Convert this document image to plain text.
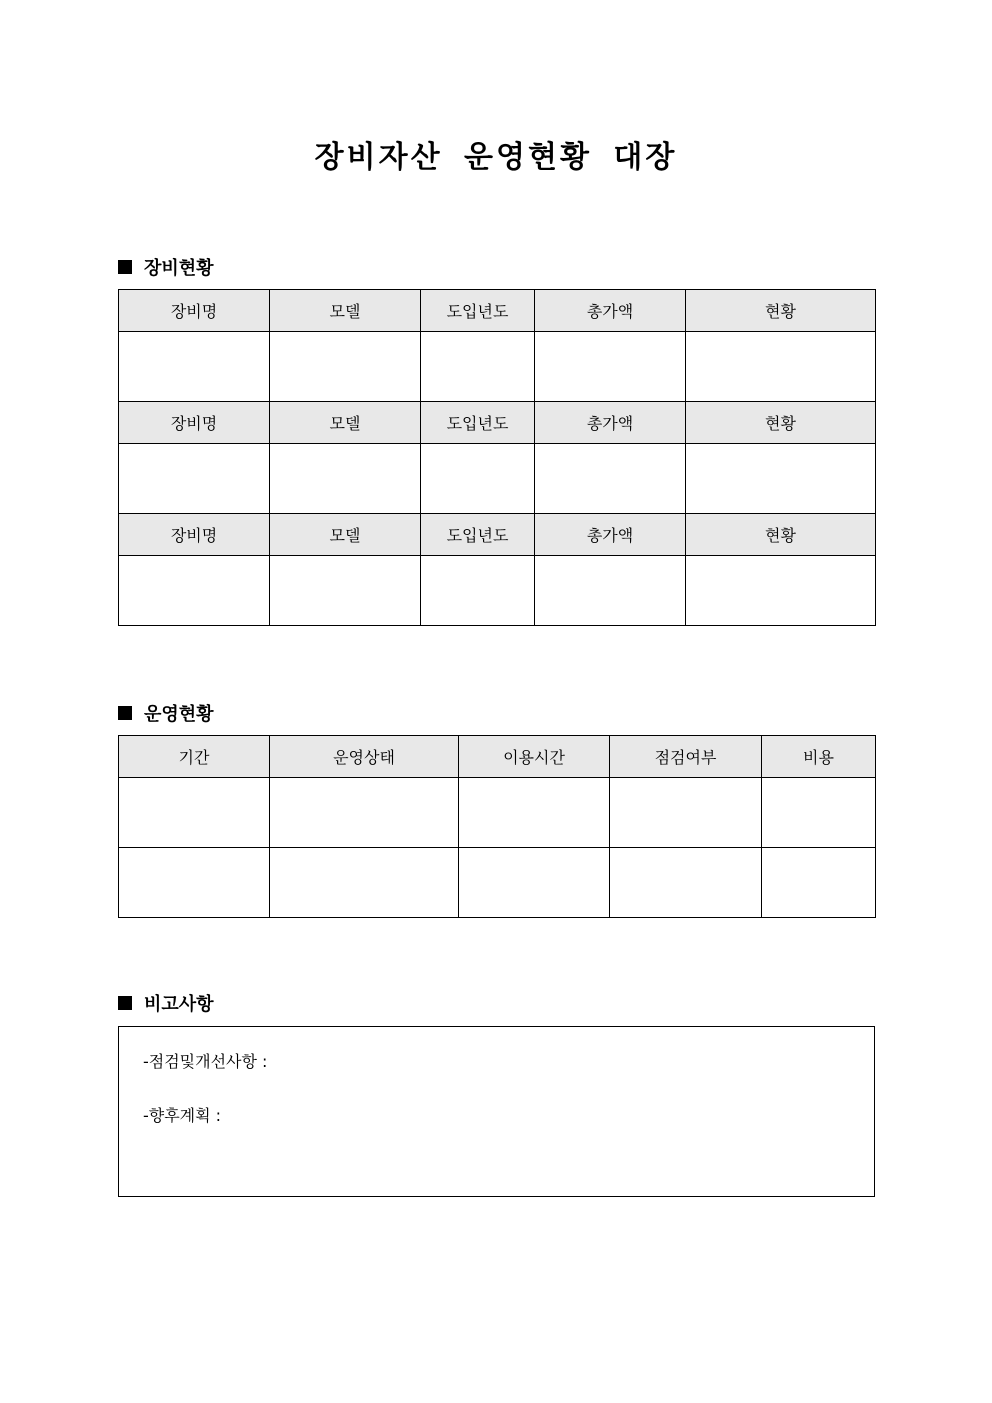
장비자산 운영현황 대장
장비현황
장비명	모델	도입년도	총가액	현황

장비명	모델	도입년도	총가액	현황

장비명	모델	도입년도	총가액	현황

운영현황
기간	운영상태	이용시간	점검여부	비용

비고사항
-점검및개선사항 :
-향후계획 :
